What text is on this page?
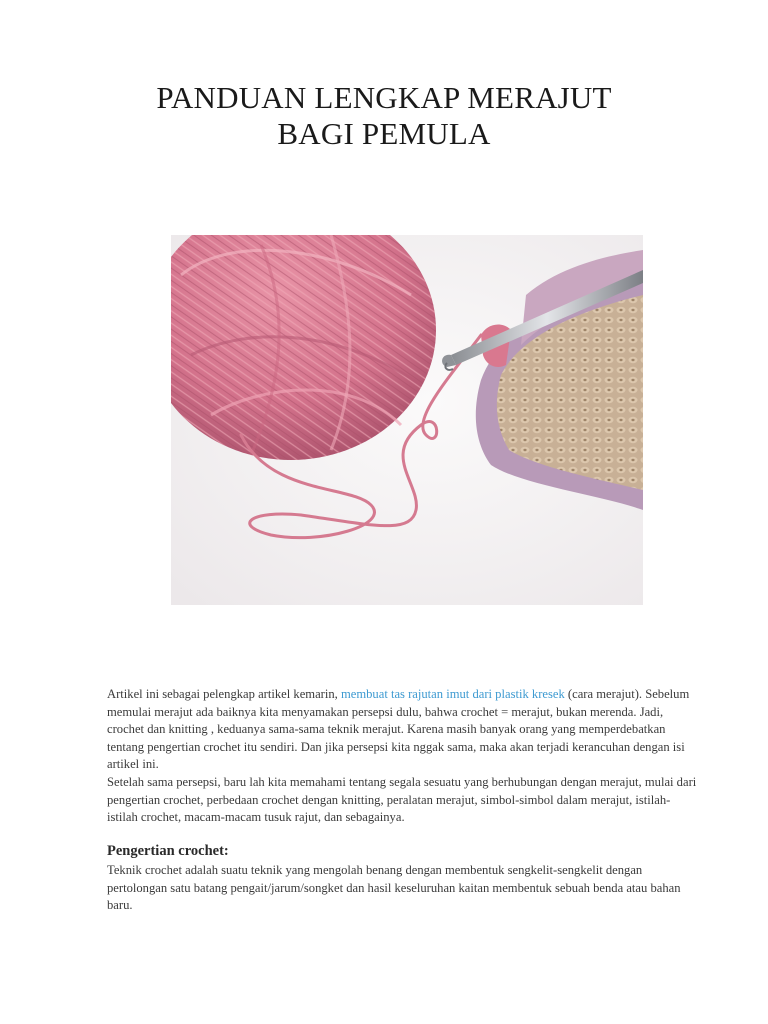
PANDUAN LENGKAP MERAJUT
BAGI PEMULA

Artikel ini sebagai pelengkap artikel kemarin, membuat tas rajutan imut dari plastik kresek (cara merajut). Sebelum memulai merajut ada baiknya kita menyamakan persepsi dulu, bahwa crochet = merajut, bukan merenda. Jadi, crochet dan knitting , keduanya sama-sama teknik merajut. Karena masih banyak orang yang memperdebatkan tentang pengertian crochet itu sendiri. Dan jika persepsi kita nggak sama, maka akan terjadi kerancuhan dengan isi artikel ini.

Setelah sama persepsi, baru lah kita memahami tentang segala sesuatu yang berhubungan dengan merajut, mulai dari pengertian crochet, perbedaan crochet dengan knitting, peralatan merajut, simbol-simbol dalam merajut, istilah-istilah crochet, macam-macam tusuk rajut, dan sebagainya.

Pengertian crochet:

Teknik crochet adalah suatu teknik yang mengolah benang dengan membentuk sengkelit-sengkelit dengan pertolongan satu batang pengait/jarum/songket dan hasil keseluruhan kaitan membentuk sebuah benda atau bahan baru.
